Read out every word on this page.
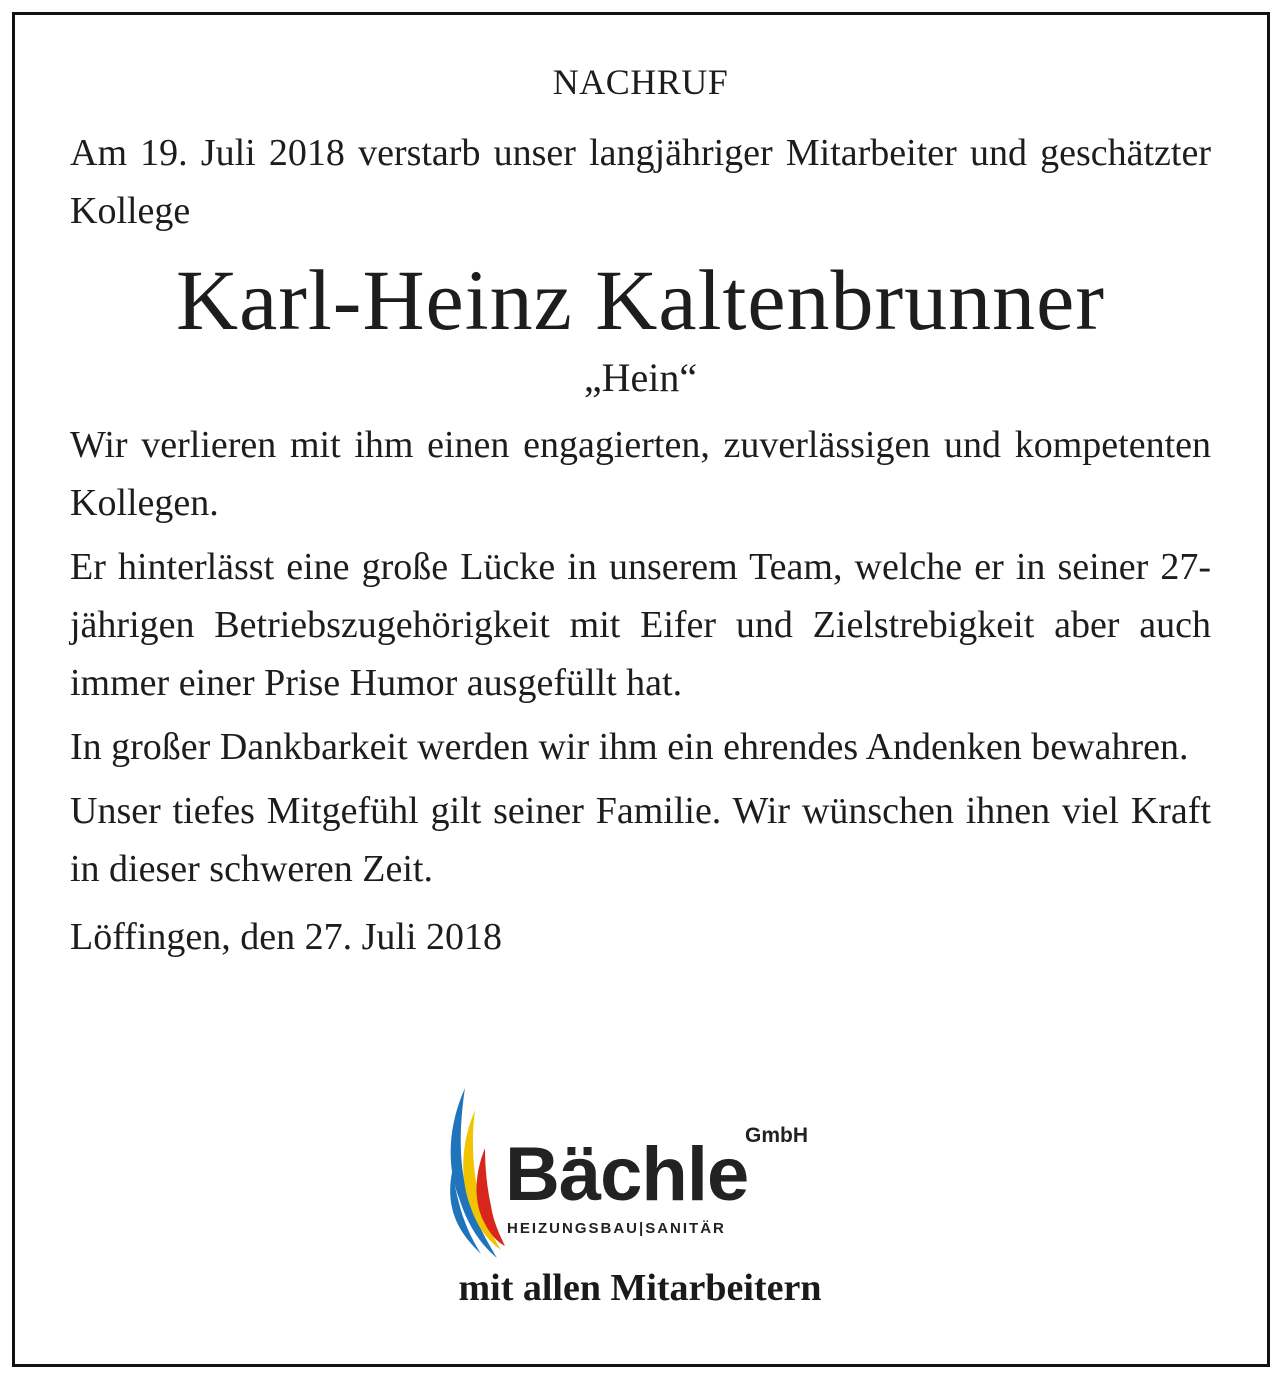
NACHRUF

Am 19. Juli 2018 verstarb unser langjähriger Mitarbeiter und geschätzter Kollege

Karl-Heinz Kaltenbrunner
„Hein“

Wir verlieren mit ihm einen engagierten, zuverlässigen und kompetenten Kollegen.

Er hinterlässt eine große Lücke in unserem Team, welche er in seiner 27-jährigen Betriebszugehörigkeit mit Eifer und Zielstrebigkeit aber auch immer einer Prise Humor ausgefüllt hat.

In großer Dankbarkeit werden wir ihm ein ehrendes Andenken bewahren.

Unser tiefes Mitgefühl gilt seiner Familie. Wir wünschen ihnen viel Kraft in dieser schweren Zeit.

Löffingen, den 27. Juli 2018
GmbH
Bächle
HEIZUNGSBAU|SANITÄR
mit allen Mitarbeitern
